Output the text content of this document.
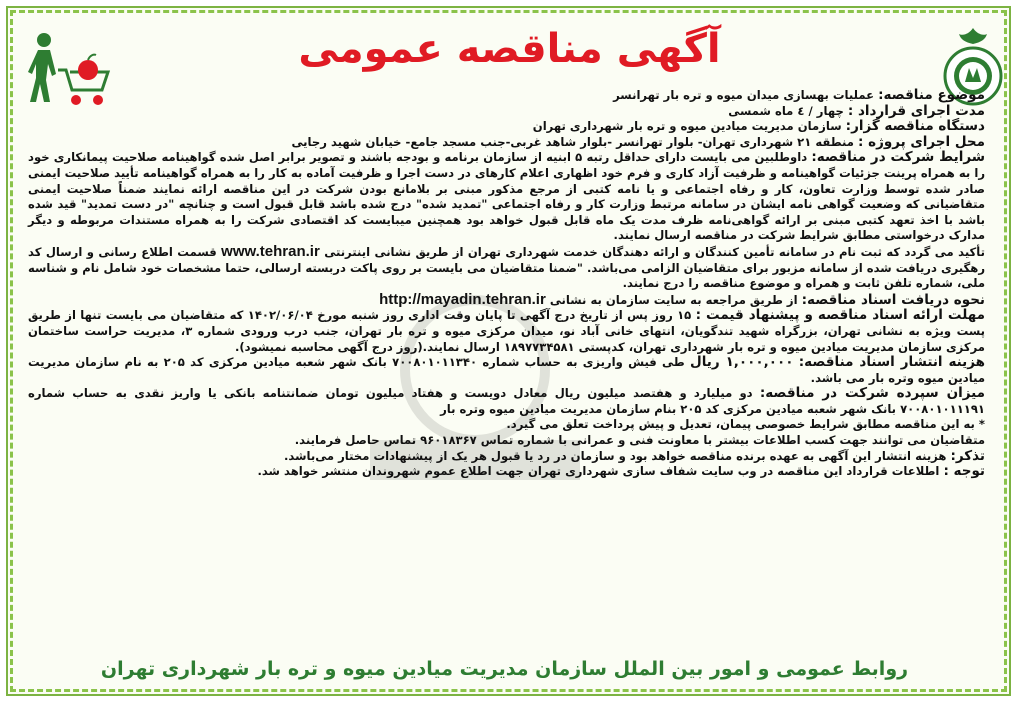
آگهی مناقصه عمومی

موضوع مناقصه: عملیات بهسازی میدان میوه و تره بار تهرانسر

مدت اجرای قرارداد : چهار / ٤ ماه شمسی

دستگاه مناقصه گزار: سازمان مدیریت میادین میوه و تره بار شهرداری تهران

محل اجرای پروژه : منطقه ۲۱ شهرداری تهران- بلوار تهرانسر -بلوار شاهد غربی-جنب مسجد جامع- خیابان شهید رجایی

شرایط شرکت در مناقصه: داوطلبین می بایست دارای حداقل رتبه ۵ ابنیه از سازمان برنامه و بودجه باشند و تصویر برابر اصل شده گواهینامه صلاحیت پیمانکاری خود را به همراه پرینت جزئیات گواهینامه و ظرفیت آزاد کاری و فرم خود اظهاری اعلام کارهای در دست اجرا و ظرفیت آماده به کار را به همراه گواهینامه تأیید صلاحیت ایمنی صادر شده توسط وزارت تعاون، کار و رفاه اجتماعی و یا نامه کتبی از مرجع مذکور مبنی بر بلامانع بودن شرکت در این مناقصه ارائه نمایند ضمناً صلاحیت ایمنی متقاضیانی که وضعیت گواهی نامه ایشان در سامانه مرتبط وزارت کار و رفاه اجتماعی "تمدید شده" درج شده باشد قابل قبول است و چنانچه "در دست تمدید" قید شده باشد با اخذ تعهد کتبی مبنی بر ارائه گواهی‌نامه ظرف مدت یک ماه قابل قبول خواهد بود همچنین میبایست کد اقتصادی شرکت را به همراه مستندات مربوطه و دیگر مدارک درخواستی مطابق شرایط شرکت در مناقصه ارسال نمایند.

تأکید می گردد که ثبت نام در سامانه تأمین کنندگان و ارائه دهندگان خدمت شهرداری تهران از طریق نشانی اینترنتی www.tehran.ir قسمت اطلاع رسانی و ارسال کد رهگیری دریافت شده از سامانه مزبور برای متقاضیان الزامی می‌باشد. "ضمنا متقاضیان می بایست بر روی پاکت دربسته ارسالی، حتما مشخصات خود شامل نام و شناسه ملی، شماره تلفن ثابت و همراه و موضوع مناقصه را درج نمایند.

نحوه دریافت اسناد مناقصه: از طریق مراجعه به سایت سازمان به نشانی http://mayadin.tehran.ir

مهلت ارائه اسناد مناقصه و پیشنهاد قیمت : ۱۵ روز پس از تاریخ درج آگهی تا پایان وقت اداری روز شنبه مورخ ۱۴۰۲/۰۶/۰۴ که متقاضیان می بایست تنها از طریق پست ویژه به نشانی تهران، بزرگراه شهید تندگویان، انتهای خانی آباد نو، میدان مرکزی میوه و تره بار تهران، جنب درب ورودی شماره ۳، مدیریت حراست ساختمان مرکزی سازمان مدیریت میادین میوه و تره بار شهرداری تهران، کدپستی ۱۸۹۷۷۳۴۵۸۱ ارسال نمایند.(روز درج آگهی محاسبه نمیشود).

هزینه انتشار اسناد مناقصه: ۱,۰۰۰,۰۰۰ ریال طی فیش واریزی به حساب شماره ۷۰۰۸۰۱۰۱۱۳۴۰ بانک شهر شعبه میادین مرکزی کد ۲۰۵ به نام سازمان مدیریت میادین میوه وتره بار می باشد.

میزان سپرده شرکت در مناقصه: دو میلیارد و هفتصد میلیون ریال معادل دویست و هفتاد میلیون تومان ضمانتنامه بانکی یا واریز نقدی به حساب شماره ۷۰۰۸۰۱۰۱۱۱۹۱ بانک شهر شعبه میادین مرکزی کد ۲۰۵ بنام سازمان مدیریت میادین میوه وتره بار

* به این مناقصه مطابق شرایط خصوصی پیمان، تعدیل و پیش پرداخت تعلق می گیرد.

متقاضیان می توانند جهت کسب اطلاعات بیشتر با معاونت فنی و عمرانی با شماره تماس ۹۶۰۱۸۳۶۷ تماس حاصل فرمایند.

تذکر: هزینه انتشار این آگهی به عهده برنده مناقصه خواهد بود و سازمان در رد یا قبول هر یک از پیشنهادات مختار می‌باشد.

توجه : اطلاعات قرارداد این مناقصه در وب سایت شفاف سازی شهرداری تهران جهت اطلاع عموم شهروندان منتشر خواهد شد.

روابط عمومی و امور بین الملل سازمان مدیریت میادین میوه و تره بار شهرداری تهران
